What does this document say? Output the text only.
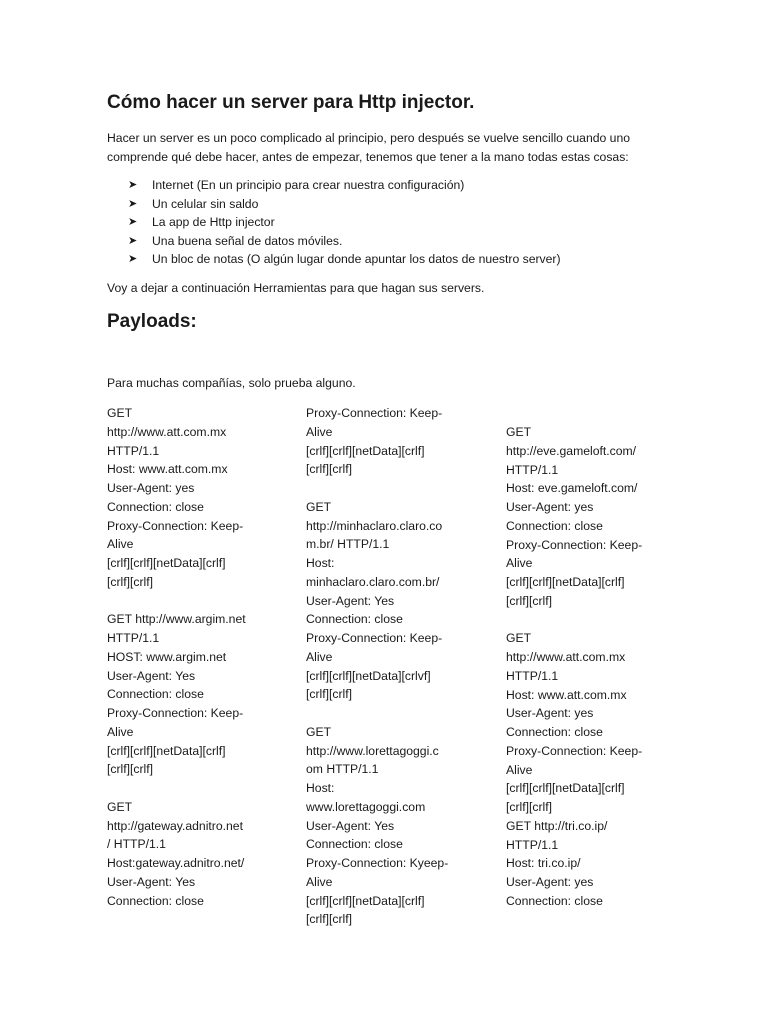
Cómo hacer un server para Http injector.

Hacer un server es un poco complicado al principio, pero después se vuelve sencillo cuando uno
comprende qué debe hacer, antes de empezar, tenemos que tener a la mano todas estas cosas:

➤ Internet (En un principio para crear nuestra configuración)
➤ Un celular sin saldo
➤ La app de Http injector
➤ Una buena señal de datos móviles.
➤ Un bloc de notas (O algún lugar donde apuntar los datos de nuestro server)

Voy a dejar a continuación Herramientas para que hagan sus servers.

Payloads:

Para muchas compañías, solo prueba alguno.

GET
http://www.att.com.mx
HTTP/1.1
Host: www.att.com.mx
User-Agent: yes
Connection: close
Proxy-Connection: Keep-
Alive
[crlf][crlf][netData][crlf]
[crlf][crlf]
GET http://www.argim.net
HTTP/1.1
HOST: www.argim.net
User-Agent: Yes
Connection: close
Proxy-Connection: Keep-
Alive
[crlf][crlf][netData][crlf]
[crlf][crlf]
GET
http://gateway.adnitro.net
/ HTTP/1.1
Host:gateway.adnitro.net/
User-Agent: Yes
Connection: close
Proxy-Connection: Keep-
Alive
[crlf][crlf][netData][crlf]
[crlf][crlf]
GET
http://minhaclaro.claro.co
m.br/ HTTP/1.1
Host:
minhaclaro.claro.com.br/
User-Agent: Yes
Connection: close
Proxy-Connection: Keep-
Alive
[crlf][crlf][netData][crlvf]
[crlf][crlf]
GET
http://www.lorettagoggi.c
om HTTP/1.1
Host:
www.lorettagoggi.com
User-Agent: Yes
Connection: close
Proxy-Connection: Kyeep-
Alive
[crlf][crlf][netData][crlf]
[crlf][crlf]
GET
http://eve.gameloft.com/
HTTP/1.1
Host: eve.gameloft.com/
User-Agent: yes
Connection: close
Proxy-Connection: Keep-
Alive
[crlf][crlf][netData][crlf]
[crlf][crlf]
GET
http://www.att.com.mx
HTTP/1.1
Host: www.att.com.mx
User-Agent: yes
Connection: close
Proxy-Connection: Keep-
Alive
[crlf][crlf][netData][crlf]
[crlf][crlf]
GET http://tri.co.ip/
HTTP/1.1
Host: tri.co.ip/
User-Agent: yes
Connection: close
